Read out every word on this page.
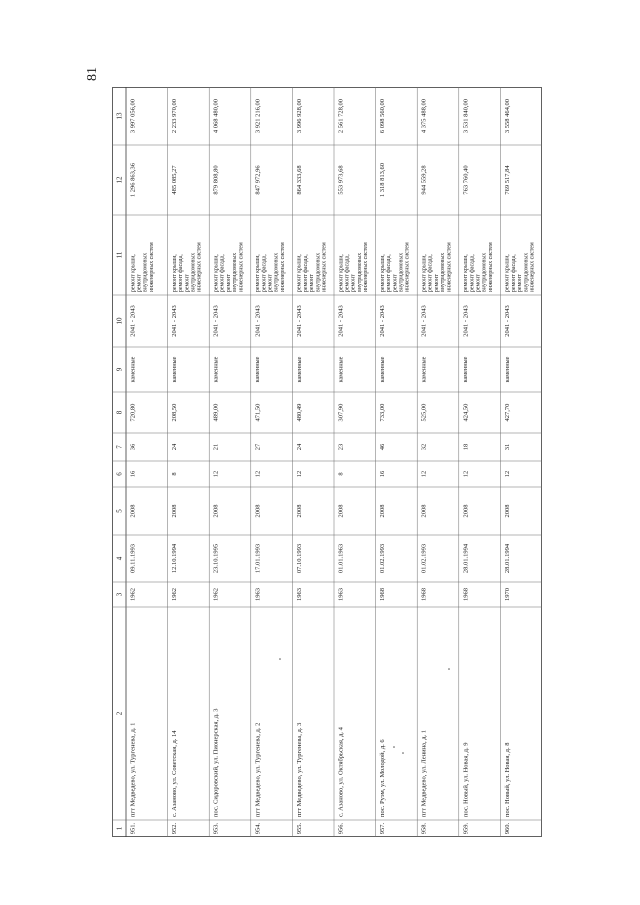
81
1
2
3
4
5
6
7
8
9
10
11
12
13
951.
пгт Медведево, ул. Тургенева, д. 1
1962
09.11.1993
2008
16
36
720,80
каменные
2041 - 2043
ремонт крыши, ремонт внутридомовых инженерных систем
1 296 863,36
3 997 056,00
952.
с. Азаново, ул. Советская, д. 14
1962
12.10.1994
2008
8
24
208,50
каменные
2041 - 2043
ремонт крыши, ремонт фасада, ремонт внутридомовых инженерных систем
485 085,27
2 233 970,00
953.
пос. Сидоровский, ул. Пионерская, д. 3
1962
23.10.1995
2008
12
21
489,00
каменные
2041 - 2043
ремонт крыши, ремонт фасада, ремонт внутридомовых инженерных систем
879 808,80
4 068 480,00
954.
пгт Медведево, ул. Тургенева, д. 2
1963
17.01.1993
2008
12
27
471,50
каменные
2041 - 2043
ремонт крыши, ремонт фасада, ремонт внутридомовых инженерных систем
847 972,96
3 921 216,00
955.
пгт Медведево, ул. Тургенева, д. 3
1963
07.10.1993
2008
12
24
480,49
каменные
2041 - 2043
ремонт крыши, ремонт фасада, ремонт внутридомовых инженерных систем
864 333,68
3 996 928,00
956.
с. Азаново, ул. Октябрьская, д. 4
1963
01.01.1963
2008
8
23
307,90
каменные
2041 - 2043
ремонт крыши, ремонт фасада, ремонт внутридомовых инженерных систем
553 973,68
2 561 728,00
957.
пос. Руэм, ул. Молодой, д. 6
1968
01.02.1993
2008
16
46
733,00
каменные
2041 - 2043
ремонт крыши, ремонт фасада, ремонт внутридомовых инженерных систем
1 318 813,60
6 098 560,00
958.
пгт Медведево, ул. Ленина, д. 1
1968
01.02.1993
2008
12
32
525,00
каменные
2041 - 2043
ремонт крыши, ремонт фасада, ремонт внутридомовых инженерных систем
944 559,28
4 375 488,00
959.
пос. Новый, ул. Новая, д. 9
1968
28.01.1994
2008
12
18
424,50
каменные
2041 - 2043
ремонт крыши, ремонт фасада, ремонт внутридомовых инженерных систем
763 760,40
3 531 840,00
960.
пос. Новый, ул. Новая, д. 8
1970
28.01.1994
2008
12
31
427,70
каменные
2041 - 2043
ремонт крыши, ремонт фасада, ремонт внутридомовых инженерных систем
769 517,84
3 558 464,00
